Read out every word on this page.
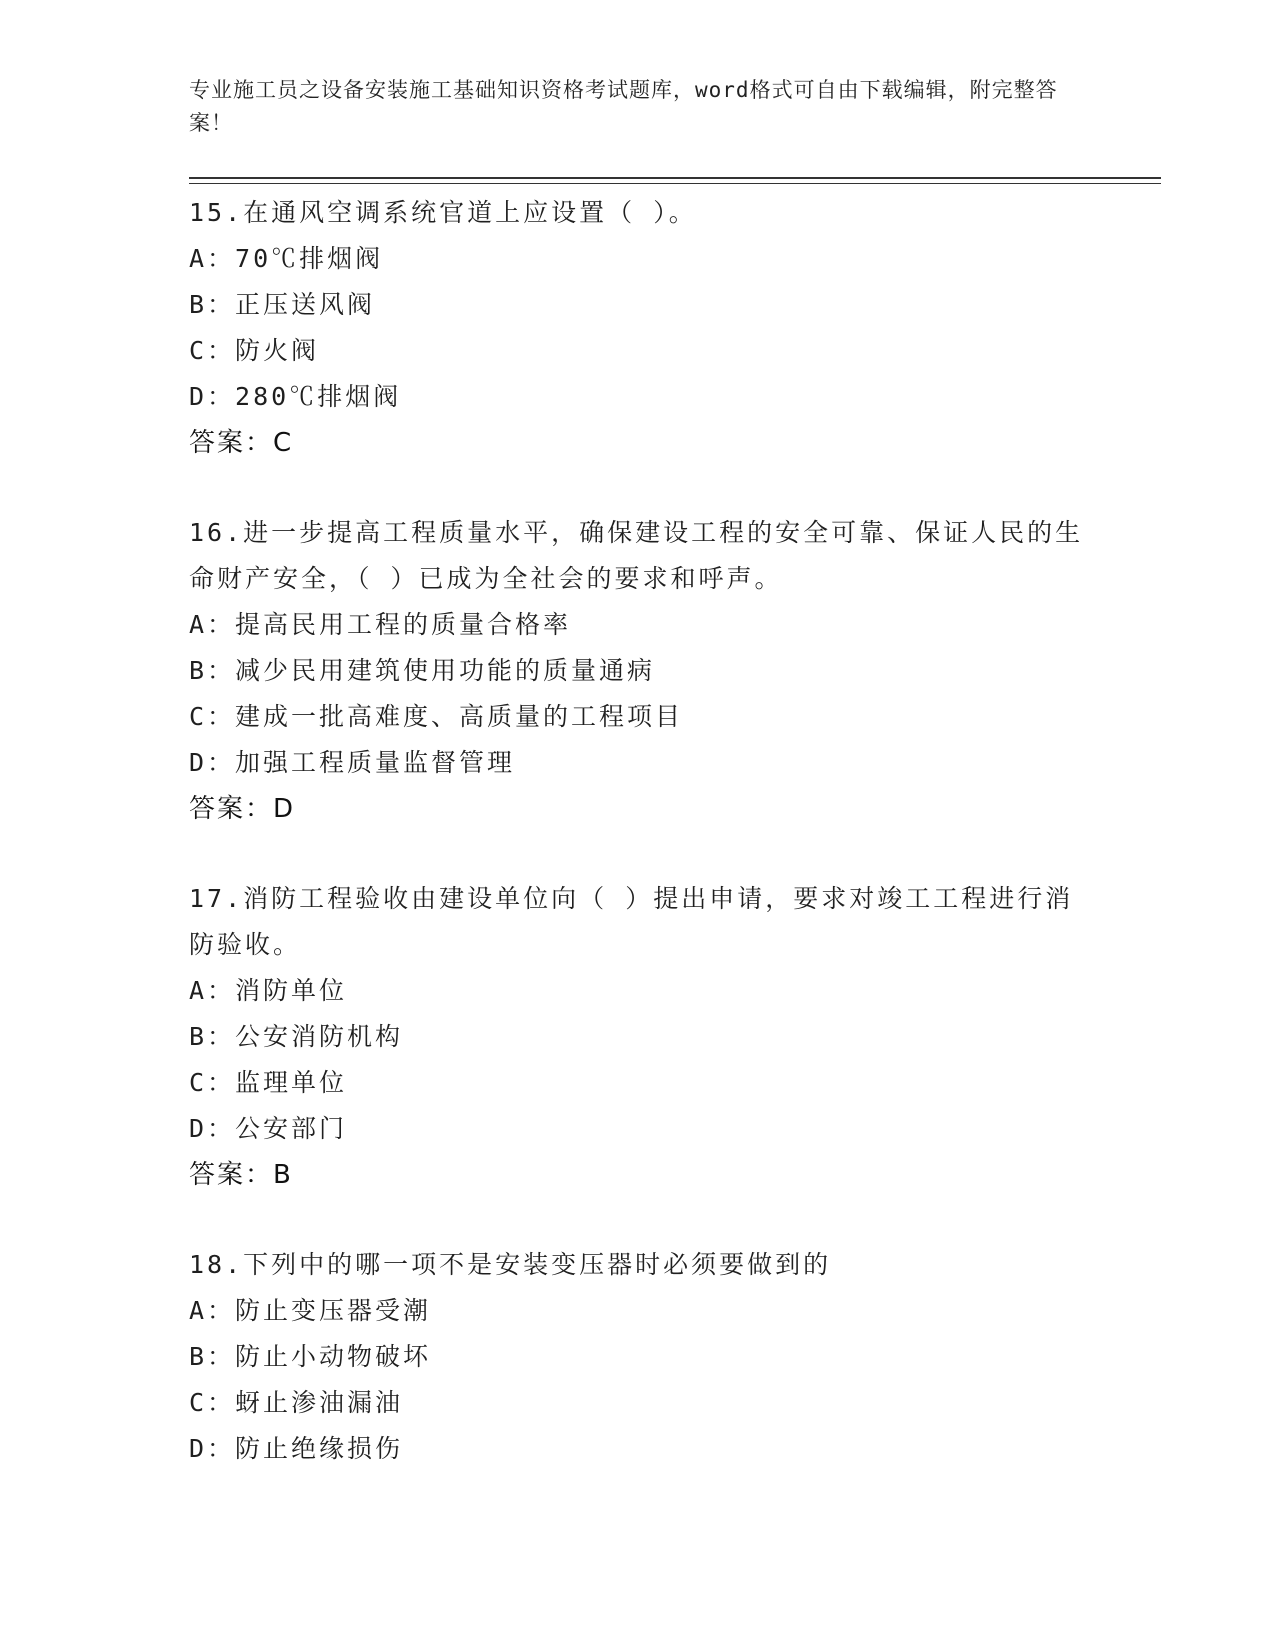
专业施工员之设备安装施工基础知识资格考试题库，word格式可自由下载编辑，附完整答案！
15.在通风空调系统官道上应设置（ ）。
A：70℃排烟阀
B：正压送风阀
C：防火阀
D：280℃排烟阀
答案：C
16.进一步提高工程质量水平，确保建设工程的安全可靠、保证人民的生命财产安全，（ ）已成为全社会的要求和呼声。
A：提高民用工程的质量合格率
B：减少民用建筑使用功能的质量通病
C：建成一批高难度、高质量的工程项目
D：加强工程质量监督管理
答案：D
17.消防工程验收由建设单位向（ ）提出申请，要求对竣工工程进行消防验收。
A：消防单位
B：公安消防机构
C：监理单位
D：公安部门
答案：B
18.下列中的哪一项不是安装变压器时必须要做到的
A：防止变压器受潮
B：防止小动物破坏
C：蚜止渗油漏油
D：防止绝缘损伤
